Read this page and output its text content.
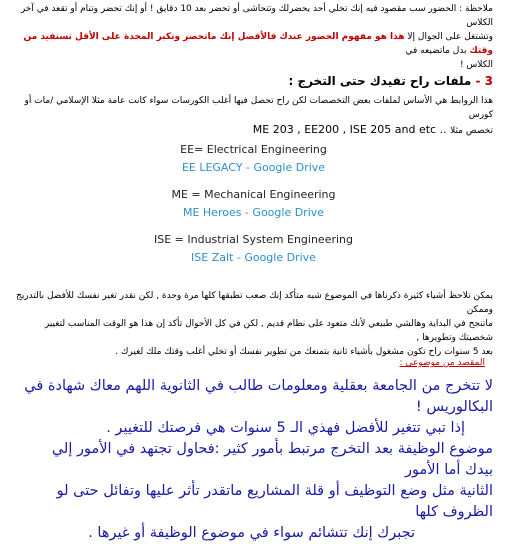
ملاحظة : الحضور سب مقصود فيه إنك تخلي أحد يحضرلك وتتحاشى أو تحضر بعد 10 دقايق ! أو إنك تحضر وتنام أو تقعد في آخر الكلاس
وتشتغل على الجوال إلا هذا هو مفهوم الحضور عندك فالأفضل إنك ماتحضر وتكبر المخدة على الأقل تستفيد من وقتك بدل ماتضيعه في
الكلاس !
3 - ملفات راح تفيدك حتى التخرج :
هذا الروابط هي الأساس لملفات بعض التخصصات لكن راح تحصل فيها أغلب الكورسات سواء كانت عامة مثلا الإسلامي /مات أو كورس
تخصص مثلا ME 203 , EE200 , ISE 205 and etc ..
EE= Electrical Engineering
EE LEGACY - Google Drive
ME = Mechanical Engineering
ME Heroes - Google Drive
ISE = Industrial System Engineering
ISE Zalt - Google Drive
يمكن تلاحظ أشياء كثيرة ذكرناها في الموضوع شبه متأكد إنك صعب تطبقها كلها مرة وحدة , لكن نقدر تغير نفسك للأفضل بالتدريج وممكن
ماتنجح في البداية وهالشي طبيعي لأنك متعود على نظام قديم , لكن في كل الأحوال تأكد إن هذا هو الوقت المناسب لتغيير شخصيتك وتطويرها ,
بعد 5 سنوات راح تكون مشغول بأشياء ثانية بتمنعك من تطوير نفسك أو تخلي أغلب وقتك ملك لغيرك .
المقصد من موضوعي :
لا تتخرج من الجامعة بعقلية ومعلومات طالب في الثانوية اللهم معاك شهادة في البكالوريس !
إذا تبي تتغير للأفضل فهذي الـ 5 سنوات هي فرصتك للتغيير .
موضوع الوظيفة بعد التخرج مرتبط بأمور كثير :فحاول تجتهد في الأمور إلي بيدك أما الأمور
الثانية مثل وضع التوظيف أو قلة المشاريع ماتقدر تأثر عليها وتفائل حتى لو الظروف كلها
تجبرك إنك تتشائم سواء في موضوع الوظيفة أو غيرها .
